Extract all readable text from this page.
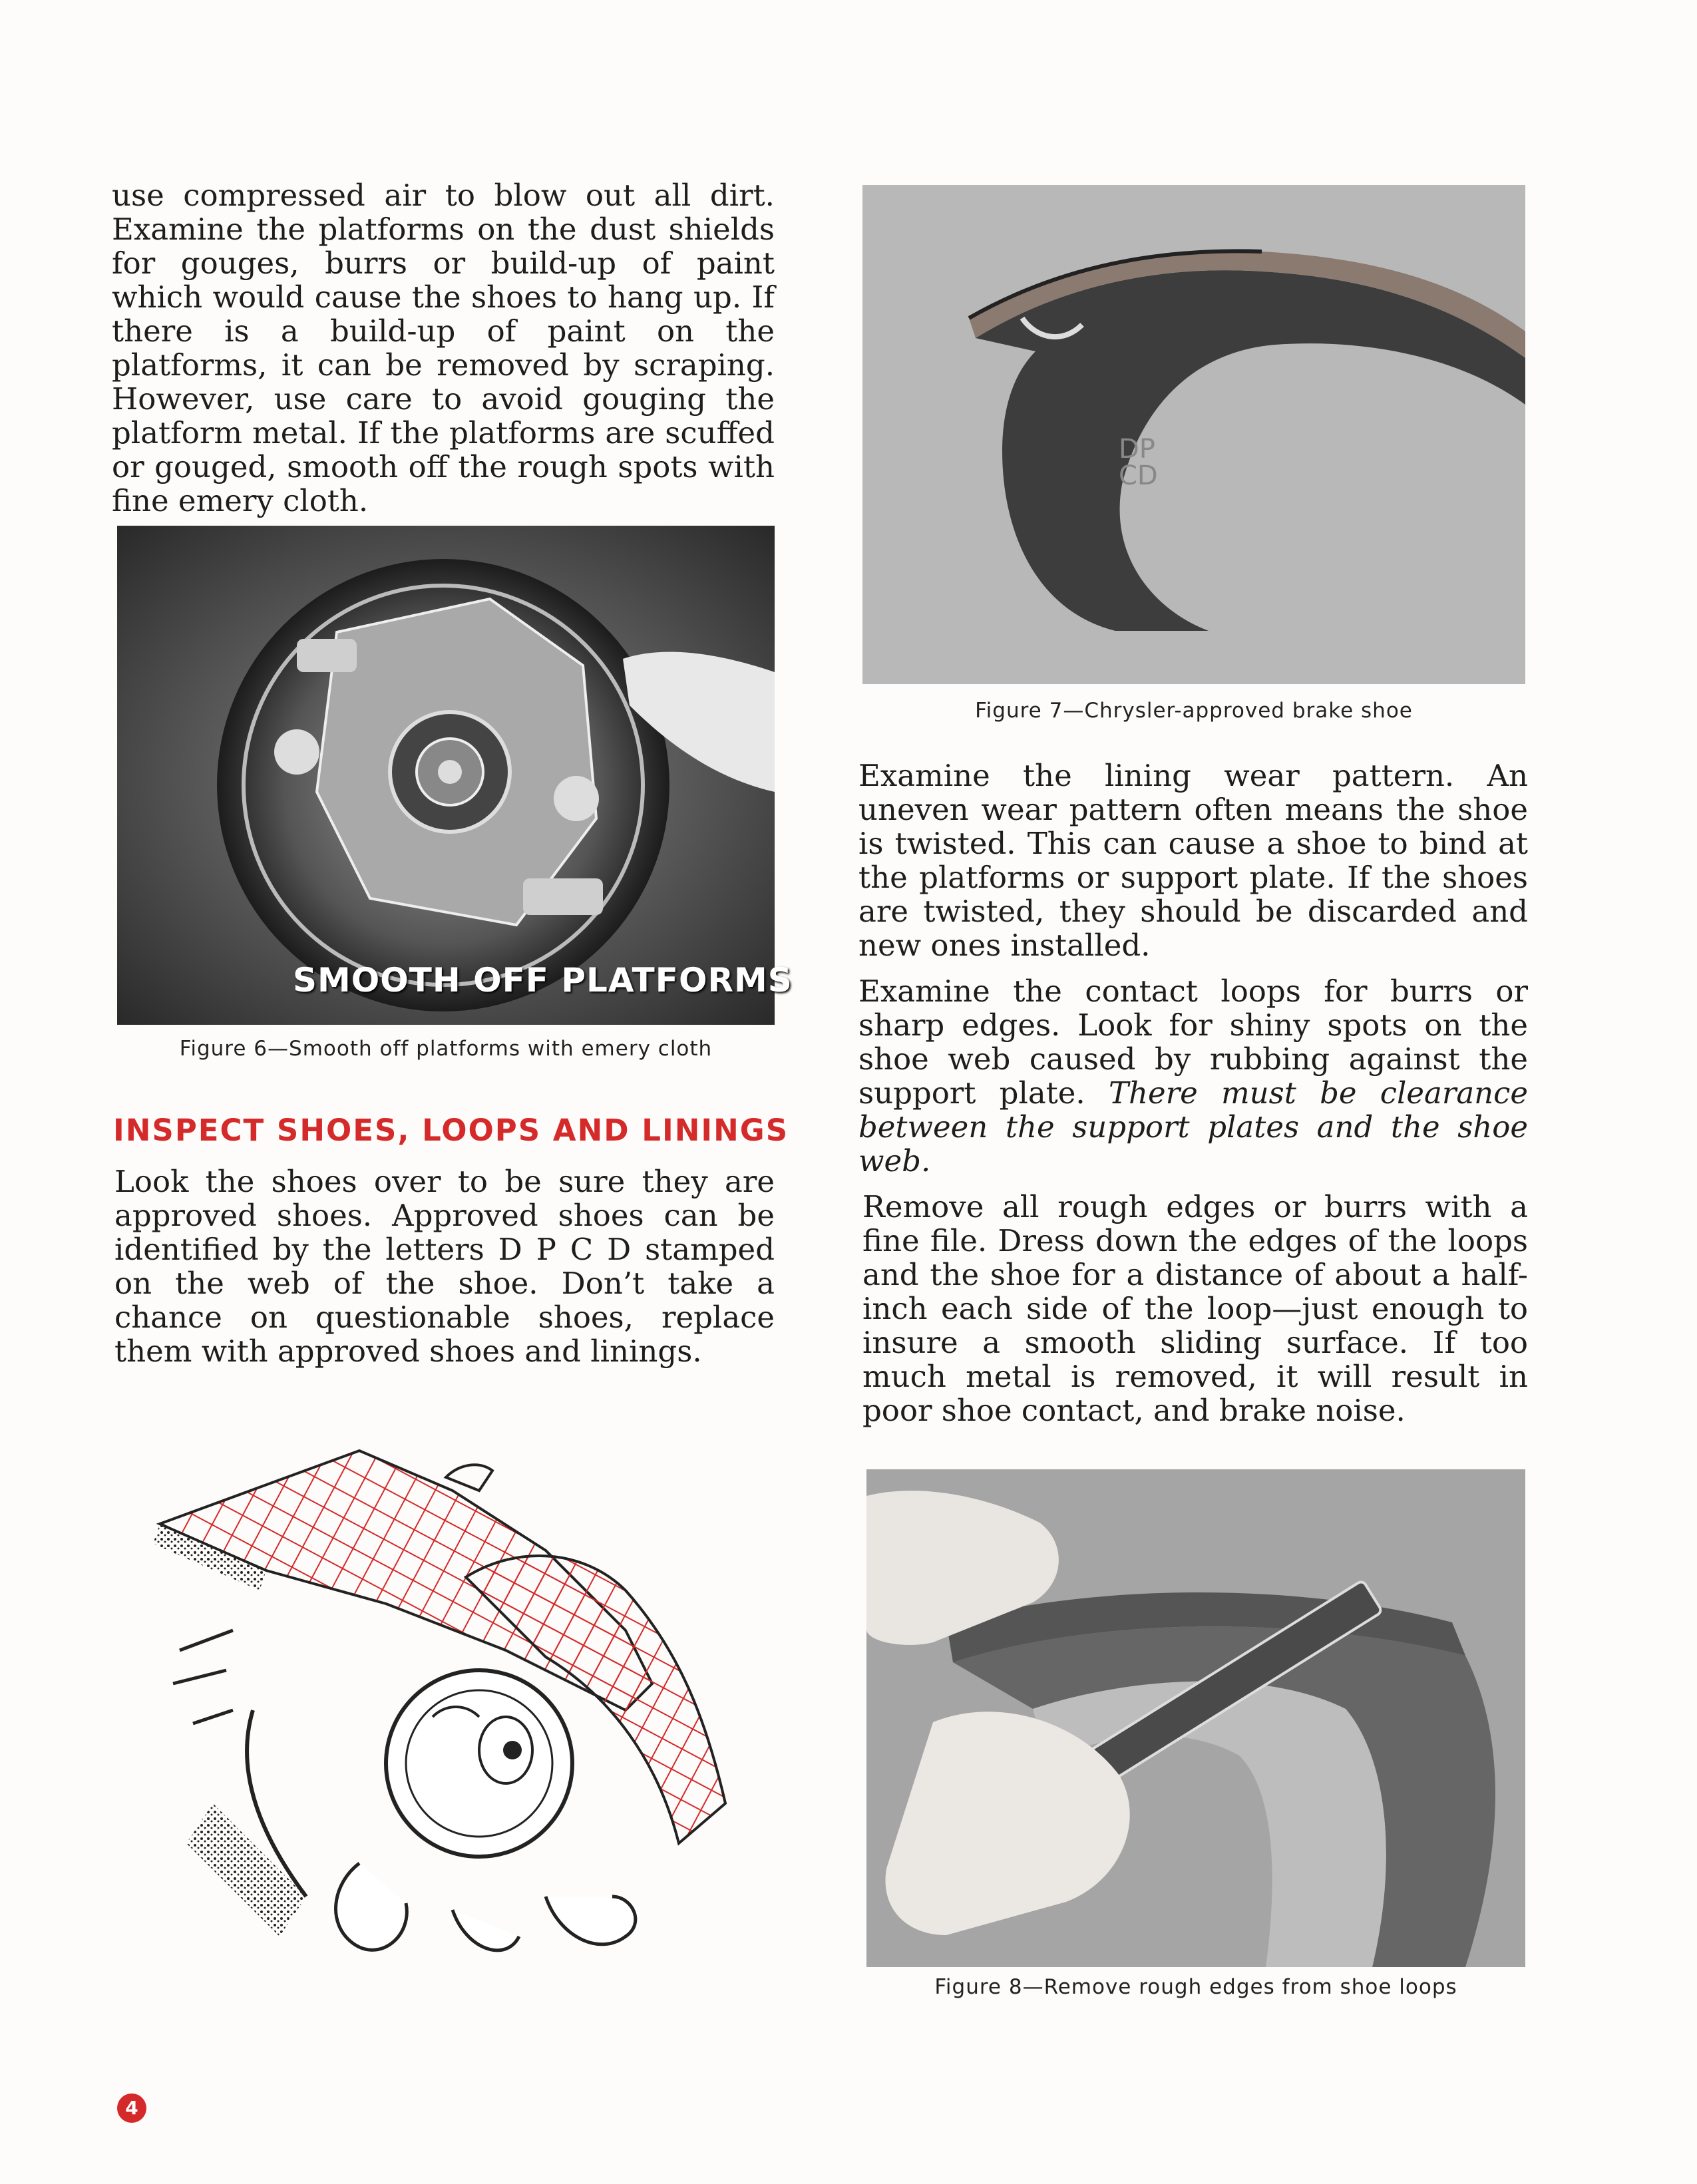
use compressed air to blow out all dirt. Examine the platforms on the dust shields for gouges, burrs or build-up of paint which would cause the shoes to hang up. If there is a build-up of paint on the platforms, it can be removed by scraping. However, use care to avoid gouging the platform metal. If the platforms are scuffed or gouged, smooth off the rough spots with fine emery cloth.

SMOOTH OFF PLATFORMS
Figure 6—Smooth off platforms with emery cloth
INSPECT SHOES, LOOPS AND LININGS

Look the shoes over to be sure they are approved shoes. Approved shoes can be identified by the letters D P C D stamped on the web of the shoe. Don’t take a chance on questionable shoes, replace them with approved shoes and linings.

4
DP
CD
Figure 7—Chrysler-approved brake shoe

Examine the lining wear pattern. An uneven wear pattern often means the shoe is twisted. This can cause a shoe to bind at the platforms or support plate. If the shoes are twisted, they should be discarded and new ones installed.

Examine the contact loops for burrs or sharp edges. Look for shiny spots on the shoe web caused by rubbing against the support plate. There must be clearance between the support plates and the shoe web.

Remove all rough edges or burrs with a fine file. Dress down the edges of the loops and the shoe for a distance of about a half-inch each side of the loop—just enough to insure a smooth sliding surface. If too much metal is removed, it will result in poor shoe contact, and brake noise.

Figure 8—Remove rough edges from shoe loops
